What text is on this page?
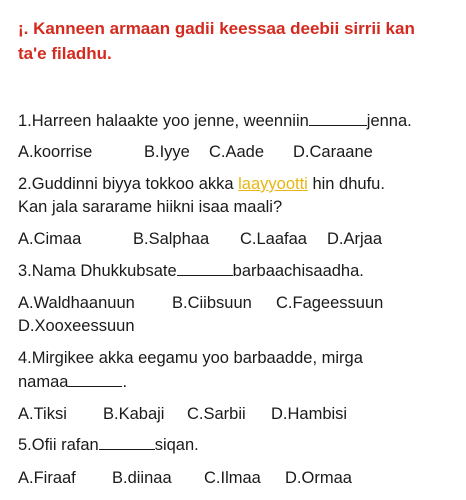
¡. Kanneen armaan gadii keessaa deebii sirrii kan
ta'e filadhu.
1.Harreen halaakte yoo jenne, weenniin	jenna.
A.koorrise	B.Iyye C.Aade D.Caraane
2.Guddinni biyya tokkoo akka laayyootti hin dhufu.
Kan jala sararame hiikni isaa maali?
A.Cimaa	B.Salphaa C.Laafaa D.Arjaa
3.Nama Dhukkubsate	barbaachisaadha.
A.Waldhaanuun B.Ciibsuun C.Fageessuun
D.Xooxeessuun
4.Mirgikee akka eegamu yoo barbaadde, mirga
namaa	.
A.Tiksi B.Kabaji C.Sarbii D.Hambisi
5.Ofii rafan	siqan.
A.Firaaf B.diinaa C.Ilmaa D.Ormaa
